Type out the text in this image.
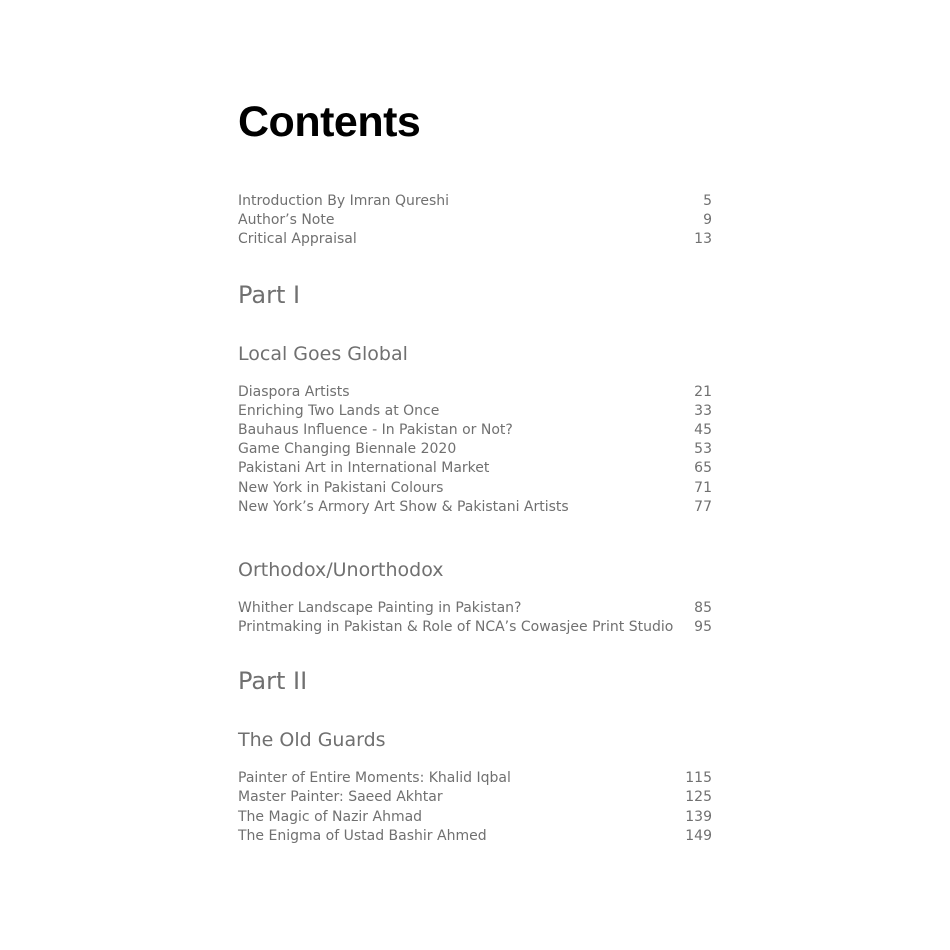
Contents
Introduction By Imran Qureshi	5
Author’s Note	9
Critical Appraisal	13
Part I
Local Goes Global
Diaspora Artists	21
Enriching Two Lands at Once	33
Bauhaus Influence - In Pakistan or Not?	45
Game Changing Biennale 2020	53
Pakistani Art in International Market	65
New York in Pakistani Colours	71
New York’s Armory Art Show & Pakistani Artists	77
Orthodox/Unorthodox
Whither Landscape Painting in Pakistan?	85
Printmaking in Pakistan & Role of NCA’s Cowasjee Print Studio 95
Part II
The Old Guards
Painter of Entire Moments: Khalid Iqbal	115
Master Painter: Saeed Akhtar	125
The Magic of Nazir Ahmad	139
The Enigma of Ustad Bashir Ahmed	149
